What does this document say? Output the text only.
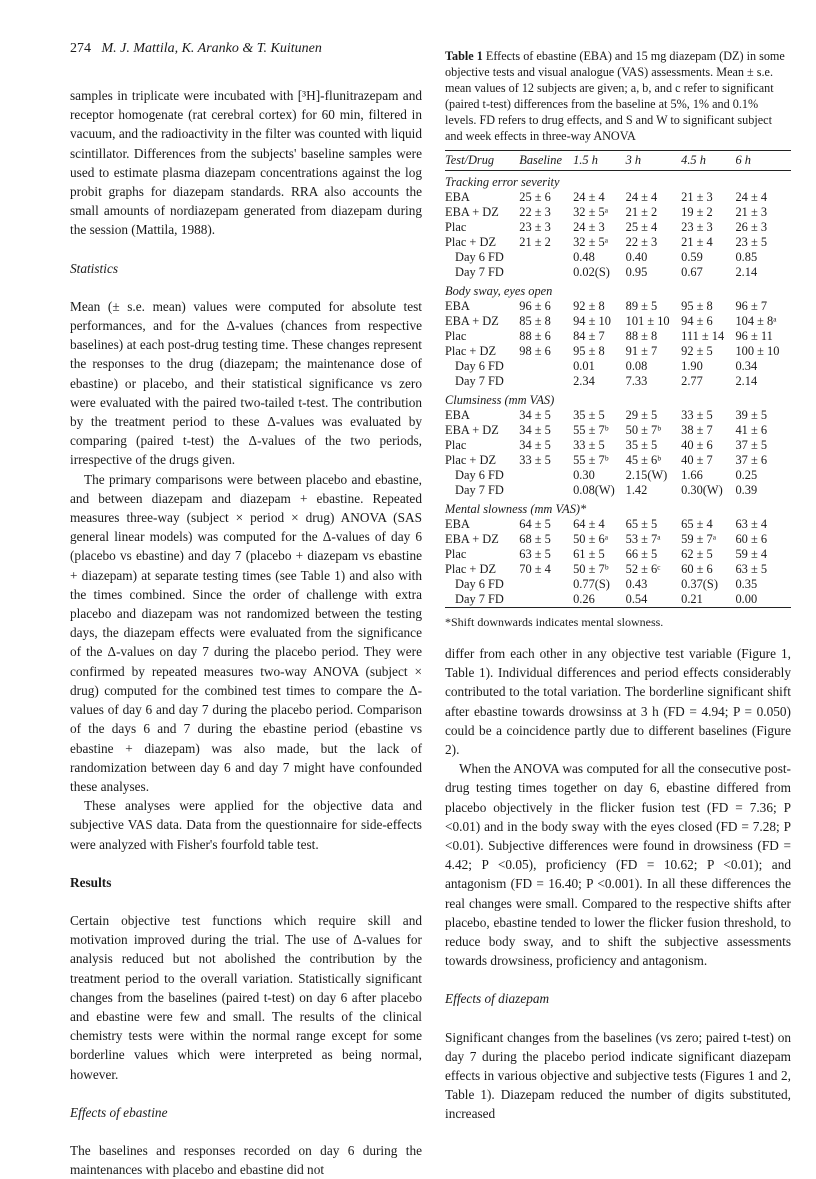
274 M. J. Mattila, K. Aranko & T. Kuitunen

samples in triplicate were incubated with [³H]-flunitrazepam and receptor homogenate (rat cerebral cortex) for 60 min, filtered in vacuum, and the radioactivity in the filter was counted with liquid scintillator. Differences from the subjects' baseline samples were used to estimate plasma diazepam concentrations against the log probit graphs for diazepam standards. RRA also accounts the small amounts of nordiazepam generated from diazepam during the session (Mattila, 1988).

Statistics

Mean (± s.e. mean) values were computed for absolute test performances, and for the Δ-values (chances from respective baselines) at each post-drug testing time. These changes represent the responses to the drug (diazepam; the maintenance dose of ebastine) or placebo, and their statistical significance vs zero were evaluated with the paired two-tailed t-test. The contribution by the treatment period to these Δ-values was evaluated by comparing (paired t-test) the Δ-values of the two periods, irrespective of the drugs given.

The primary comparisons were between placebo and ebastine, and between diazepam and diazepam + ebastine. Repeated measures three-way (subject × period × drug) ANOVA (SAS general linear models) was computed for the Δ-values of day 6 (placebo vs ebastine) and day 7 (placebo + diazepam vs ebastine + diazepam) at separate testing times (see Table 1) and also with the times combined. Since the order of challenge with extra placebo and diazepam was not randomized between the testing days, the diazepam effects were evaluated from the significance of the Δ-values on day 7 during the placebo period. They were confirmed by repeated measures two-way ANOVA (subject × drug) computed for the combined test times to compare the Δ-values of day 6 and day 7 during the placebo period. Comparison of the days 6 and 7 during the ebastine period (ebastine vs ebastine + diazepam) was also made, but the lack of randomization between day 6 and day 7 might have confounded these analyses.

These analyses were applied for the objective data and subjective VAS data. Data from the questionnaire for side-effects were analyzed with Fisher's fourfold table test.

Results

Certain objective test functions which require skill and motivation improved during the trial. The use of Δ-values for analysis reduced but not abolished the contribution by the treatment period to the overall variation. Statistically significant changes from the baselines (paired t-test) on day 6 after placebo and ebastine were few and small. The results of the clinical chemistry tests were within the normal range except for some borderline values which were interpreted as being normal, however.

Effects of ebastine

The baselines and responses recorded on day 6 during the maintenances with placebo and ebastine did not

Table 1 Effects of ebastine (EBA) and 15 mg diazepam (DZ) in some objective tests and visual analogue (VAS) assessments. Mean ± s.e. mean values of 12 subjects are given; a, b, and c refer to significant (paired t-test) differences from the baseline at 5%, 1% and 0.1% levels. FD refers to drug effects, and S and W to significant subject and week effects in three-way ANOVA
Test/Drug	Baseline	1.5 h	3 h	4.5 h	6 h
Tracking error severity					
EBA	25 ± 6	24 ± 4	24 ± 4	21 ± 3	24 ± 4
EBA + DZ	22 ± 3	32 ± 5ᵃ	21 ± 2	19 ± 2	21 ± 3
Plac	23 ± 3	24 ± 3	25 ± 4	23 ± 3	26 ± 3
Plac + DZ	21 ± 2	32 ± 5ᵃ	22 ± 3	21 ± 4	23 ± 5
Day 6 FD		0.48	0.40	0.59	0.85
Day 7 FD		0.02(S)	0.95	0.67	2.14
Body sway, eyes open					
EBA	96 ± 6	92 ± 8	89 ± 5	95 ± 8	96 ± 7
EBA + DZ	85 ± 8	94 ± 10	101 ± 10	94 ± 6	104 ± 8ᵃ
Plac	88 ± 6	84 ± 7	88 ± 8	111 ± 14	96 ± 11
Plac + DZ	98 ± 6	95 ± 8	91 ± 7	92 ± 5	100 ± 10
Day 6 FD		0.01	0.08	1.90	0.34
Day 7 FD		2.34	7.33	2.77	2.14
Clumsiness (mm VAS)					
EBA	34 ± 5	35 ± 5	29 ± 5	33 ± 5	39 ± 5
EBA + DZ	34 ± 5	55 ± 7ᵇ	50 ± 7ᵇ	38 ± 7	41 ± 6
Plac	34 ± 5	33 ± 5	35 ± 5	40 ± 6	37 ± 5
Plac + DZ	33 ± 5	55 ± 7ᵇ	45 ± 6ᵇ	40 ± 7	37 ± 6
Day 6 FD		0.30	2.15(W)	1.66	0.25
Day 7 FD		0.08(W)	1.42	0.30(W)	0.39
Mental slowness (mm VAS)*					
EBA	64 ± 5	64 ± 4	65 ± 5	65 ± 4	63 ± 4
EBA + DZ	68 ± 5	50 ± 6ᵃ	53 ± 7ᵃ	59 ± 7ᵃ	60 ± 6
Plac	63 ± 5	61 ± 5	66 ± 5	62 ± 5	59 ± 4
Plac + DZ	70 ± 4	50 ± 7ᵇ	52 ± 6ᶜ	60 ± 6	63 ± 5
Day 6 FD		0.77(S)	0.43	0.37(S)	0.35
Day 7 FD		0.26	0.54	0.21	0.00
*Shift downwards indicates mental slowness.

differ from each other in any objective test variable (Figure 1, Table 1). Individual differences and period effects considerably contributed to the total variation. The borderline significant shift after ebastine towards drowsinss at 3 h (FD = 4.94; P = 0.050) could be a coincidence partly due to different baselines (Figure 2).

When the ANOVA was computed for all the consecutive post-drug testing times together on day 6, ebastine differed from placebo objectively in the flicker fusion test (FD = 7.36; P <0.01) and in the body sway with the eyes closed (FD = 7.28; P <0.01). Subjective differences were found in drowsiness (FD = 4.42; P <0.05), proficiency (FD = 10.62; P <0.01); and antagonism (FD = 16.40; P <0.001). In all these differences the real changes were small. Compared to the respective shifts after placebo, ebastine tended to lower the flicker fusion threshold, to reduce body sway, and to shift the subjective assessments towards drowsiness, proficiency and antagonism.

Effects of diazepam

Significant changes from the baselines (vs zero; paired t-test) on day 7 during the placebo period indicate significant diazepam effects in various objective and subjective tests (Figures 1 and 2, Table 1). Diazepam reduced the number of digits substituted, increased
